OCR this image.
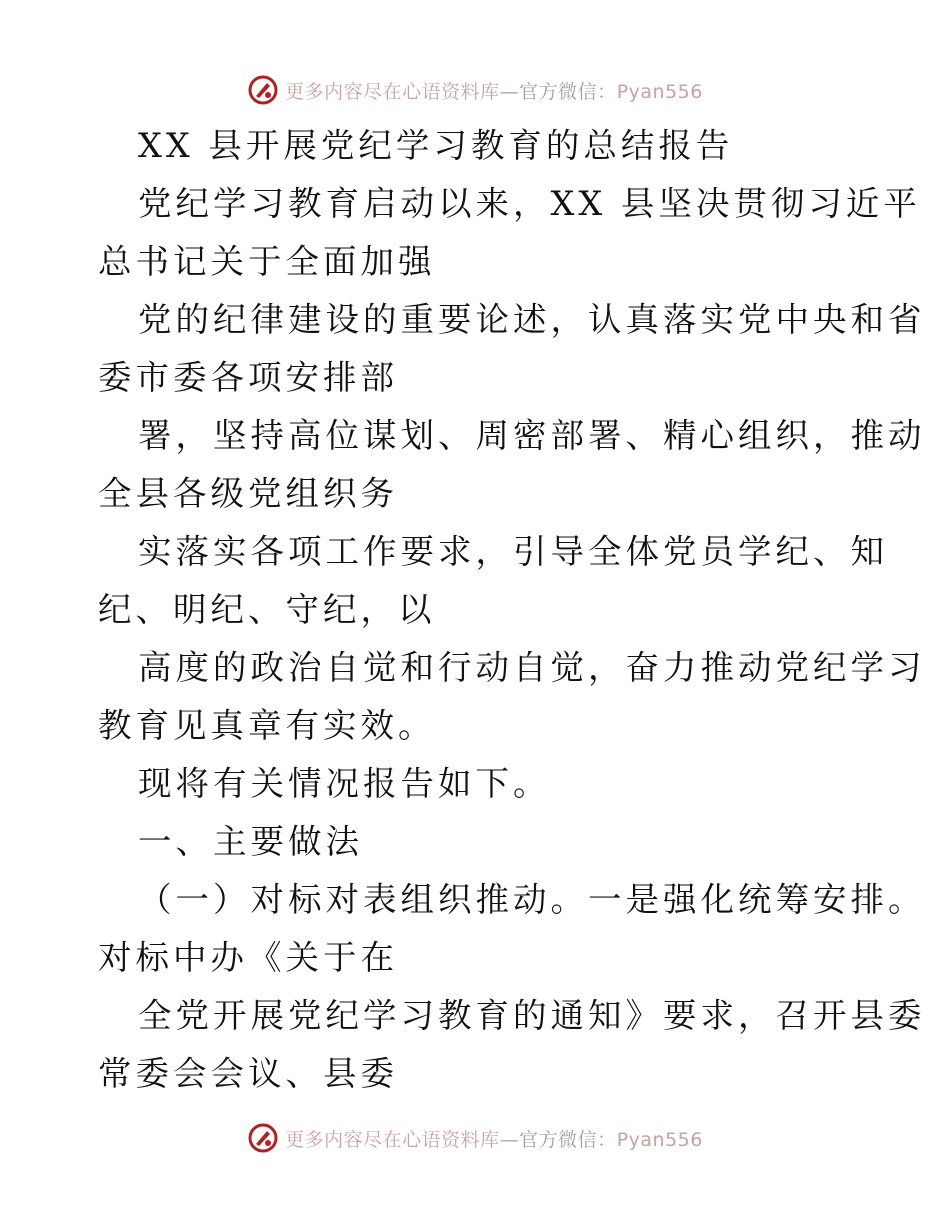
更多内容尽在心语资料库—官方微信：Pyan556
XX 县开展党纪学习教育的总结报告
党纪学习教育启动以来，XX 县坚决贯彻习近平
总书记关于全面加强
党的纪律建设的重要论述，认真落实党中央和省
委市委各项安排部
署，坚持高位谋划、周密部署、精心组织，推动
全县各级党组织务
实落实各项工作要求，引导全体党员学纪、知
纪、明纪、守纪，以
高度的政治自觉和行动自觉，奋力推动党纪学习
教育见真章有实效。
现将有关情况报告如下。
一、主要做法
（一）对标对表组织推动。一是强化统筹安排。
对标中办《关于在
全党开展党纪学习教育的通知》要求，召开县委
常委会会议、县委
更多内容尽在心语资料库—官方微信：Pyan556
